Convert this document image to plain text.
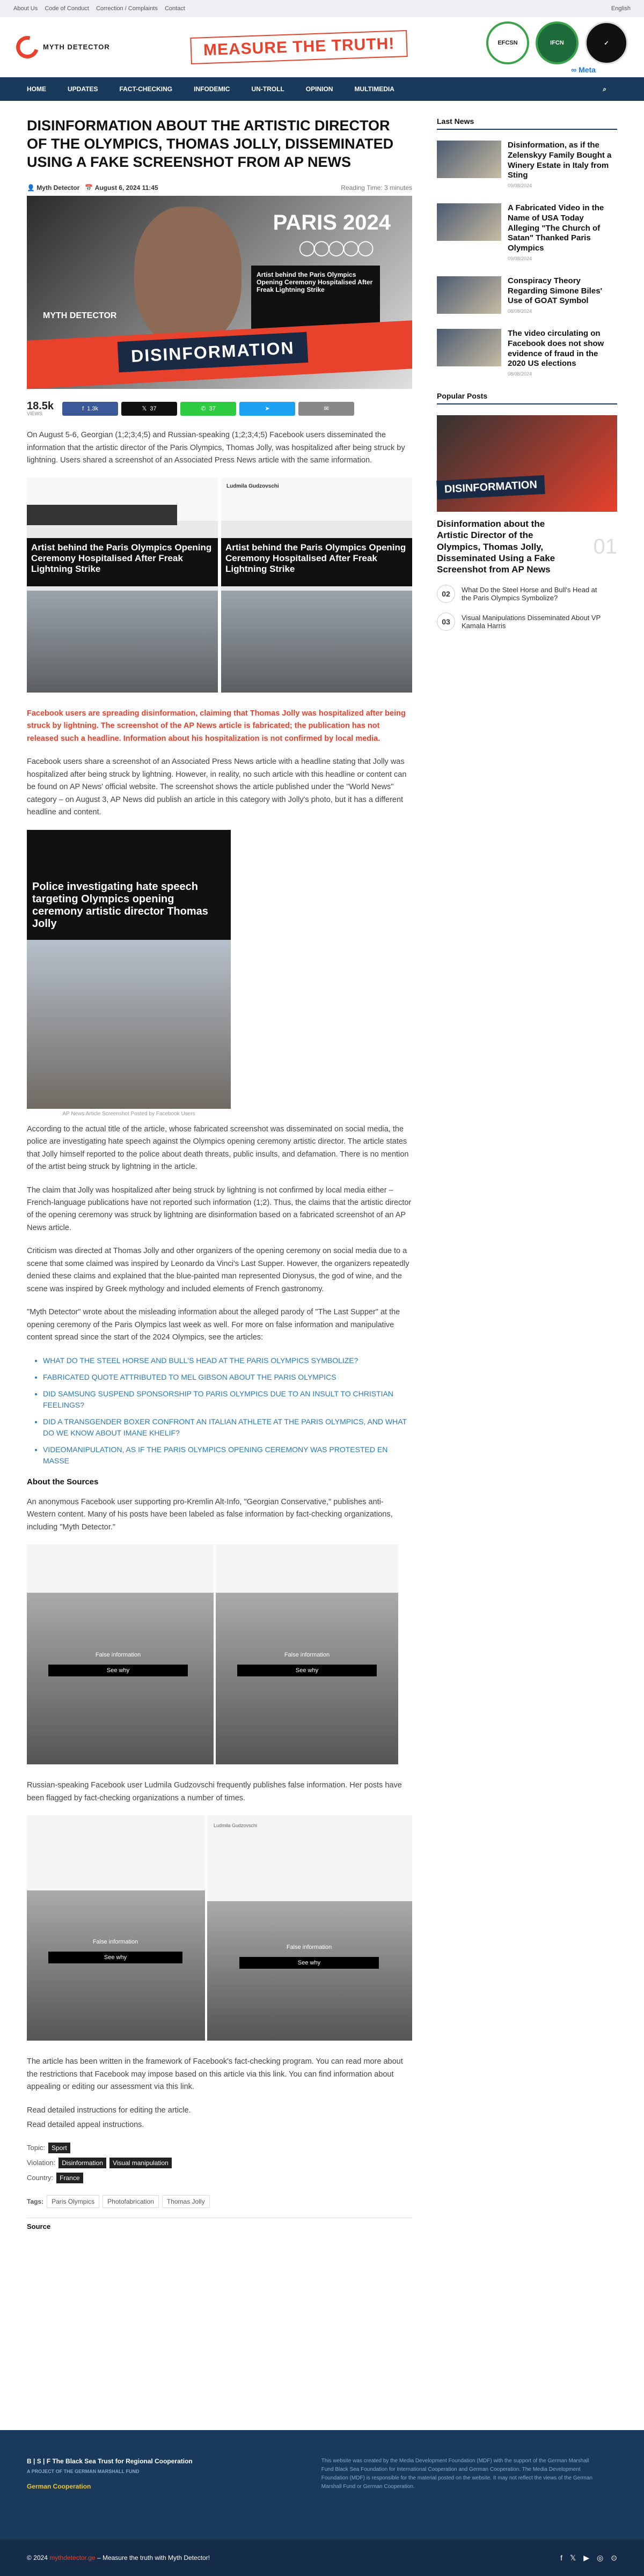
About Us Code of Conduct Correction / Complaints Contact	English
MYTH DETECTOR	MEASURE THE TRUTH!	EFCSN	IFCN	✓
∞ Meta
HOME	UPDATES	FACT-CHECKING	INFODEMIC	UN-TROLL	OPINION	MULTIMEDIA	⌕
DISINFORMATION ABOUT THE ARTISTIC DIRECTOR OF THE OLYMPICS, THOMAS JOLLY, DISSEMINATED USING A FAKE SCREENSHOT FROM AP NEWS
👤 Myth Detector 📅 August 6, 2024 11:45	Reading Time: 3 minutes
PARIS 2024
◯◯◯◯◯
Artist behind the Paris Olympics Opening Ceremony Hospitalised After Freak Lightning Strike
MYTH DETECTOR
DISINFORMATION
18.5k
VIEWS
f 1.3k	𝕏 37	✆ 37	➤	✉

On August 5-6, Georgian (1;2;3;4;5) and Russian-speaking (1;2;3;4;5) Facebook users disseminated the information that the artistic director of the Paris Olympics, Thomas Jolly, was hospitalized after being struck by lightning. Users shared a screenshot of an Associated Press News article with the same information.

Artist behind the Paris Olympics Opening Ceremony Hospitalised After Freak Lightning Strike
Ludmila Gudzovschi
Artist behind the Paris Olympics Opening Ceremony Hospitalised After Freak Lightning Strike

Facebook users are spreading disinformation, claiming that Thomas Jolly was hospitalized after being struck by lightning. The screenshot of the AP News article is fabricated; the publication has not released such a headline. Information about his hospitalization is not confirmed by local media.

Facebook users share a screenshot of an Associated Press News article with a headline stating that Jolly was hospitalized after being struck by lightning. However, in reality, no such article with this headline or content can be found on AP News' official website. The screenshot shows the article published under the "World News" category – on August 3, AP News did publish an article in this category with Jolly's photo, but it has a different headline and content.

Police investigating hate speech targeting Olympics opening ceremony artistic director Thomas Jolly
AP News Article Screenshot Posted by Facebook Users

According to the actual title of the article, whose fabricated screenshot was disseminated on social media, the police are investigating hate speech against the Olympics opening ceremony artistic director. The article states that Jolly himself reported to the police about death threats, public insults, and defamation. There is no mention of the artist being struck by lightning in the article.

The claim that Jolly was hospitalized after being struck by lightning is not confirmed by local media either – French-language publications have not reported such information (1;2). Thus, the claims that the artistic director of the opening ceremony was struck by lightning are disinformation based on a fabricated screenshot of an AP News article.

Criticism was directed at Thomas Jolly and other organizers of the opening ceremony on social media due to a scene that some claimed was inspired by Leonardo da Vinci's Last Supper. However, the organizers repeatedly denied these claims and explained that the blue-painted man represented Dionysus, the god of wine, and the scene was inspired by Greek mythology and included elements of French gastronomy.

"Myth Detector" wrote about the misleading information about the alleged parody of "The Last Supper" at the opening ceremony of the Paris Olympics last week as well. For more on false information and manipulative content spread since the start of the 2024 Olympics, see the articles:

• WHAT DO THE STEEL HORSE AND BULL'S HEAD AT THE PARIS OLYMPICS SYMBOLIZE?
• FABRICATED QUOTE ATTRIBUTED TO MEL GIBSON ABOUT THE PARIS OLYMPICS
• DID SAMSUNG SUSPEND SPONSORSHIP TO PARIS OLYMPICS DUE TO AN INSULT TO CHRISTIAN FEELINGS?
• DID A TRANSGENDER BOXER CONFRONT AN ITALIAN ATHLETE AT THE PARIS OLYMPICS, AND WHAT DO WE KNOW ABOUT IMANE KHELIF?
• VIDEOMANIPULATION, AS IF THE PARIS OLYMPICS OPENING CEREMONY WAS PROTESTED EN MASSE
About the Sources

An anonymous Facebook user supporting pro-Kremlin Alt-Info, "Georgian Conservative," publishes anti-Western content. Many of his posts have been labeled as false information by fact-checking organizations, including "Myth Detector."

False information
See why
False information
See why

Russian-speaking Facebook user Ludmila Gudzovschi frequently publishes false information. Her posts have been flagged by fact-checking organizations a number of times.

False information
See why
Ludmila Gudzovschi
False information
See why

The article has been written in the framework of Facebook's fact-checking program. You can read more about the restrictions that Facebook may impose based on this article via this link. You can find information about appealing or editing our assessment via this link.

Read detailed instructions for editing the article.

Read detailed appeal instructions.

Topic:	Sport
Violation:	Disinformation	Visual manipulation
Country:	France
Tags:	Paris Olympics	Photofabrication	Thomas Jolly
Source
Last News
Disinformation, as if the Zelenskyy Family Bought a Winery Estate in Italy from Sting
09/08/2024
A Fabricated Video in the Name of USA Today Alleging "The Church of Satan" Thanked Paris Olympics
09/08/2024
Conspiracy Theory Regarding Simone Biles' Use of GOAT Symbol
08/08/2024
The video circulating on Facebook does not show evidence of fraud in the 2020 US elections
08/08/2024
Popular Posts
DISINFORMATION
Disinformation about the Artistic Director of the Olympics, Thomas Jolly, Disseminated Using a Fake Screenshot from AP News
01
02	What Do the Steel Horse and Bull's Head at the Paris Olympics Symbolize?
03	Visual Manipulations Disseminated About VP Kamala Harris
B | S | F The Black Sea Trust for Regional Cooperation
A PROJECT OF THE GERMAN MARSHALL FUND
German Cooperation
This website was created by the Media Development Foundation (MDF) with the support of the German Marshall Fund Black Sea Foundation for International Cooperation and German Cooperation. The Media Development Foundation (MDF) is responsible for the material posted on the website. It may not reflect the views of the German Marshall Fund or German Cooperation.
© 2024 mythdetector.ge – Measure the truth with Myth Detector!	f 𝕏 ▶ ◎ ⊙
